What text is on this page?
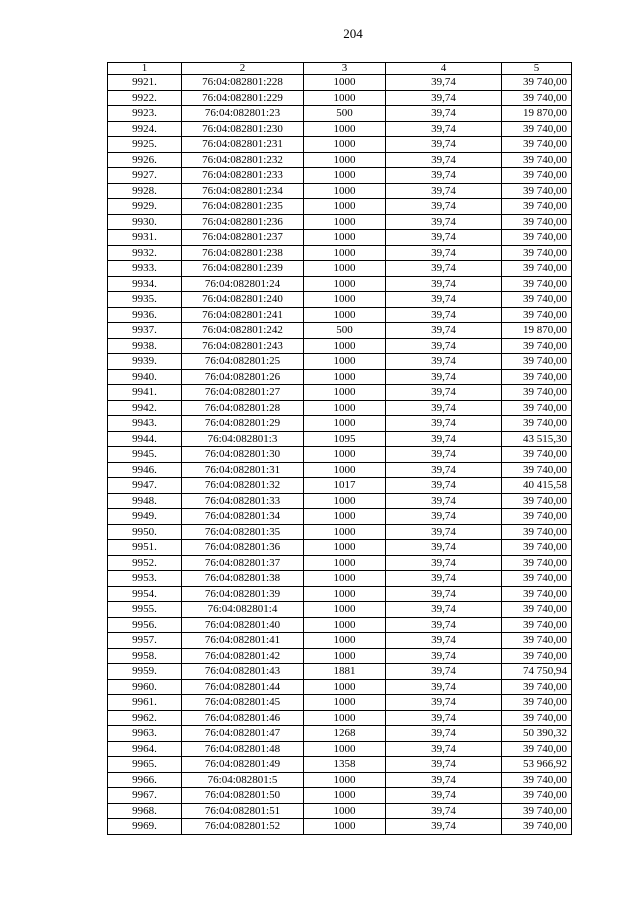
204
1	2	3	4	5
9921.	76:04:082801:228	1000	39,74	39 740,00
9922.	76:04:082801:229	1000	39,74	39 740,00
9923.	76:04:082801:23	500	39,74	19 870,00
9924.	76:04:082801:230	1000	39,74	39 740,00
9925.	76:04:082801:231	1000	39,74	39 740,00
9926.	76:04:082801:232	1000	39,74	39 740,00
9927.	76:04:082801:233	1000	39,74	39 740,00
9928.	76:04:082801:234	1000	39,74	39 740,00
9929.	76:04:082801:235	1000	39,74	39 740,00
9930.	76:04:082801:236	1000	39,74	39 740,00
9931.	76:04:082801:237	1000	39,74	39 740,00
9932.	76:04:082801:238	1000	39,74	39 740,00
9933.	76:04:082801:239	1000	39,74	39 740,00
9934.	76:04:082801:24	1000	39,74	39 740,00
9935.	76:04:082801:240	1000	39,74	39 740,00
9936.	76:04:082801:241	1000	39,74	39 740,00
9937.	76:04:082801:242	500	39,74	19 870,00
9938.	76:04:082801:243	1000	39,74	39 740,00
9939.	76:04:082801:25	1000	39,74	39 740,00
9940.	76:04:082801:26	1000	39,74	39 740,00
9941.	76:04:082801:27	1000	39,74	39 740,00
9942.	76:04:082801:28	1000	39,74	39 740,00
9943.	76:04:082801:29	1000	39,74	39 740,00
9944.	76:04:082801:3	1095	39,74	43 515,30
9945.	76:04:082801:30	1000	39,74	39 740,00
9946.	76:04:082801:31	1000	39,74	39 740,00
9947.	76:04:082801:32	1017	39,74	40 415,58
9948.	76:04:082801:33	1000	39,74	39 740,00
9949.	76:04:082801:34	1000	39,74	39 740,00
9950.	76:04:082801:35	1000	39,74	39 740,00
9951.	76:04:082801:36	1000	39,74	39 740,00
9952.	76:04:082801:37	1000	39,74	39 740,00
9953.	76:04:082801:38	1000	39,74	39 740,00
9954.	76:04:082801:39	1000	39,74	39 740,00
9955.	76:04:082801:4	1000	39,74	39 740,00
9956.	76:04:082801:40	1000	39,74	39 740,00
9957.	76:04:082801:41	1000	39,74	39 740,00
9958.	76:04:082801:42	1000	39,74	39 740,00
9959.	76:04:082801:43	1881	39,74	74 750,94
9960.	76:04:082801:44	1000	39,74	39 740,00
9961.	76:04:082801:45	1000	39,74	39 740,00
9962.	76:04:082801:46	1000	39,74	39 740,00
9963.	76:04:082801:47	1268	39,74	50 390,32
9964.	76:04:082801:48	1000	39,74	39 740,00
9965.	76:04:082801:49	1358	39,74	53 966,92
9966.	76:04:082801:5	1000	39,74	39 740,00
9967.	76:04:082801:50	1000	39,74	39 740,00
9968.	76:04:082801:51	1000	39,74	39 740,00
9969.	76:04:082801:52	1000	39,74	39 740,00
